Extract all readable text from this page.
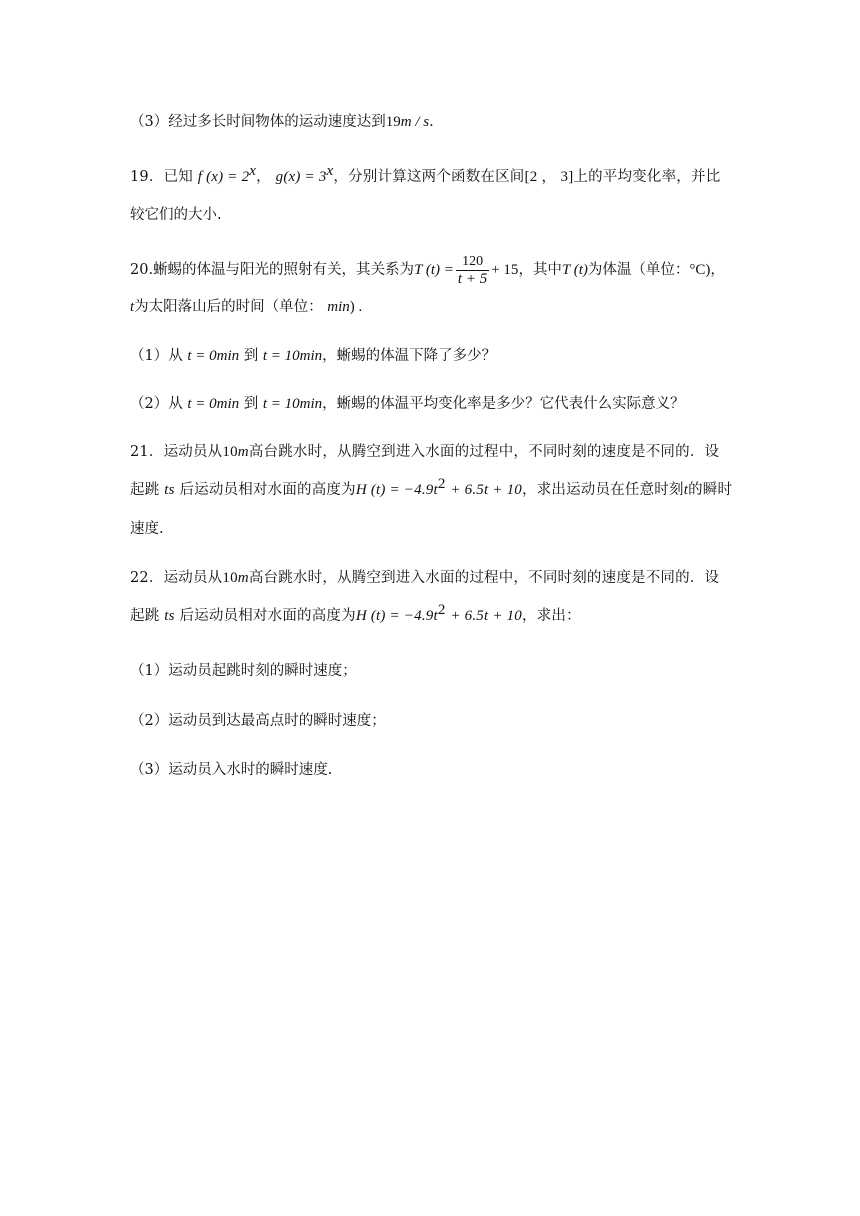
（3）经过多长时间物体的运动速度达到19m / s.
19．已知 f $(x) = 2^x$， $g(x) = 3^x$，分别计算这两个函数在区间[2 ， 3]上的平均变化率，并比
较它们的大小.
20.蜥蜴的体温与阳光的照射有关，其关系为T $(t) = \frac{120}{t + 5} + 15$，其中T (t)为体温（单位：°C)，
t为太阳落山后的时间（单位： min) .
（1）从 t = 0min 到 t = 10min，蜥蜴的体温下降了多少？
（2）从 t = 0min 到 t = 10min，蜥蜴的体温平均变化率是多少？它代表什么实际意义？
21．运动员从10m高台跳水时，从腾空到进入水面的过程中，不同时刻的速度是不同的．设
起跳 ts 后运动员相对水面的高度为H $(t) = -4.9t^2 + 6.5t + 10$，求出运动员在任意时刻t的瞬时
速度.
22．运动员从10m高台跳水时，从腾空到进入水面的过程中，不同时刻的速度是不同的．设
起跳 ts 后运动员相对水面的高度为H $(t) = -4.9t^2 + 6.5t + 10$，求出：
（1）运动员起跳时刻的瞬时速度；
（2）运动员到达最高点时的瞬时速度；
（3）运动员入水时的瞬时速度.
